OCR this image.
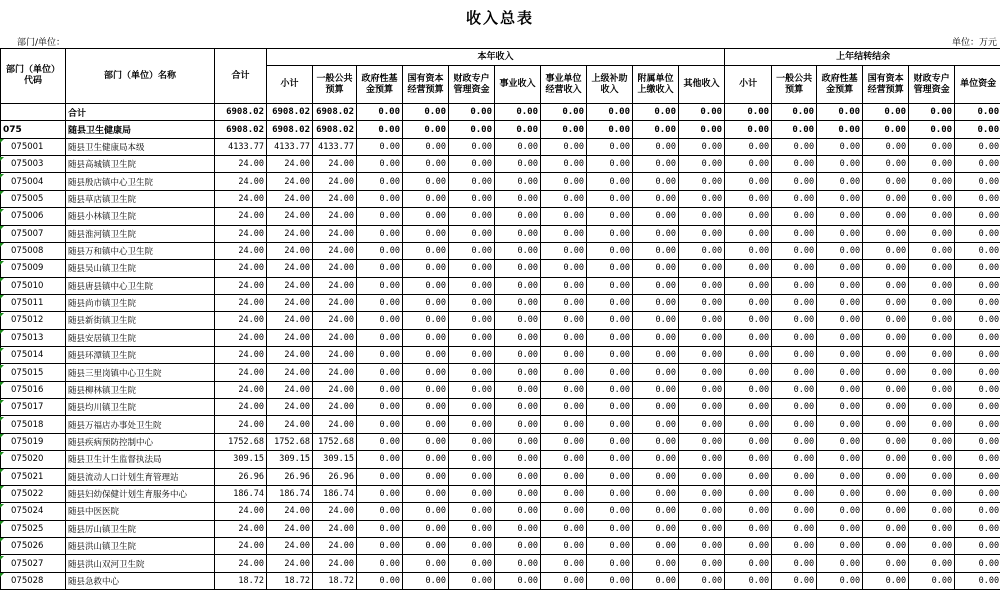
收入总表
部门/单位：	单位：万元
部门（单位）代码	部门（单位）名称	合计	本年收入										上年结转结余					
			小计	一般公共预算	政府性基金预算	国有资本经营预算	财政专户管理资金	事业收入	事业单位经营收入	上级补助收入	附属单位上缴收入	其他收入	小计	一般公共预算	政府性基金预算	国有资本经营预算	财政专户管理资金	单位资金
	合计	6908.02	6908.02	6908.02	0.00	0.00	0.00	0.00	0.00	0.00	0.00	0.00	0.00	0.00	0.00	0.00	0.00	0.00
075	随县卫生健康局	6908.02	6908.02	6908.02	0.00	0.00	0.00	0.00	0.00	0.00	0.00	0.00	0.00	0.00	0.00	0.00	0.00	0.00
075001	随县卫生健康局本级	4133.77	4133.77	4133.77	0.00	0.00	0.00	0.00	0.00	0.00	0.00	0.00	0.00	0.00	0.00	0.00	0.00	0.00
075003	随县高城镇卫生院	24.00	24.00	24.00	0.00	0.00	0.00	0.00	0.00	0.00	0.00	0.00	0.00	0.00	0.00	0.00	0.00	0.00
075004	随县殷店镇中心卫生院	24.00	24.00	24.00	0.00	0.00	0.00	0.00	0.00	0.00	0.00	0.00	0.00	0.00	0.00	0.00	0.00	0.00
075005	随县草店镇卫生院	24.00	24.00	24.00	0.00	0.00	0.00	0.00	0.00	0.00	0.00	0.00	0.00	0.00	0.00	0.00	0.00	0.00
075006	随县小林镇卫生院	24.00	24.00	24.00	0.00	0.00	0.00	0.00	0.00	0.00	0.00	0.00	0.00	0.00	0.00	0.00	0.00	0.00
075007	随县淮河镇卫生院	24.00	24.00	24.00	0.00	0.00	0.00	0.00	0.00	0.00	0.00	0.00	0.00	0.00	0.00	0.00	0.00	0.00
075008	随县万和镇中心卫生院	24.00	24.00	24.00	0.00	0.00	0.00	0.00	0.00	0.00	0.00	0.00	0.00	0.00	0.00	0.00	0.00	0.00
075009	随县吴山镇卫生院	24.00	24.00	24.00	0.00	0.00	0.00	0.00	0.00	0.00	0.00	0.00	0.00	0.00	0.00	0.00	0.00	0.00
075010	随县唐县镇中心卫生院	24.00	24.00	24.00	0.00	0.00	0.00	0.00	0.00	0.00	0.00	0.00	0.00	0.00	0.00	0.00	0.00	0.00
075011	随县尚市镇卫生院	24.00	24.00	24.00	0.00	0.00	0.00	0.00	0.00	0.00	0.00	0.00	0.00	0.00	0.00	0.00	0.00	0.00
075012	随县新街镇卫生院	24.00	24.00	24.00	0.00	0.00	0.00	0.00	0.00	0.00	0.00	0.00	0.00	0.00	0.00	0.00	0.00	0.00
075013	随县安居镇卫生院	24.00	24.00	24.00	0.00	0.00	0.00	0.00	0.00	0.00	0.00	0.00	0.00	0.00	0.00	0.00	0.00	0.00
075014	随县环潭镇卫生院	24.00	24.00	24.00	0.00	0.00	0.00	0.00	0.00	0.00	0.00	0.00	0.00	0.00	0.00	0.00	0.00	0.00
075015	随县三里岗镇中心卫生院	24.00	24.00	24.00	0.00	0.00	0.00	0.00	0.00	0.00	0.00	0.00	0.00	0.00	0.00	0.00	0.00	0.00
075016	随县柳林镇卫生院	24.00	24.00	24.00	0.00	0.00	0.00	0.00	0.00	0.00	0.00	0.00	0.00	0.00	0.00	0.00	0.00	0.00
075017	随县均川镇卫生院	24.00	24.00	24.00	0.00	0.00	0.00	0.00	0.00	0.00	0.00	0.00	0.00	0.00	0.00	0.00	0.00	0.00
075018	随县万福店办事处卫生院	24.00	24.00	24.00	0.00	0.00	0.00	0.00	0.00	0.00	0.00	0.00	0.00	0.00	0.00	0.00	0.00	0.00
075019	随县疾病预防控制中心	1752.68	1752.68	1752.68	0.00	0.00	0.00	0.00	0.00	0.00	0.00	0.00	0.00	0.00	0.00	0.00	0.00	0.00
075020	随县卫生计生监督执法局	309.15	309.15	309.15	0.00	0.00	0.00	0.00	0.00	0.00	0.00	0.00	0.00	0.00	0.00	0.00	0.00	0.00
075021	随县流动人口计划生育管理站	26.96	26.96	26.96	0.00	0.00	0.00	0.00	0.00	0.00	0.00	0.00	0.00	0.00	0.00	0.00	0.00	0.00
075022	随县妇幼保健计划生育服务中心	186.74	186.74	186.74	0.00	0.00	0.00	0.00	0.00	0.00	0.00	0.00	0.00	0.00	0.00	0.00	0.00	0.00
075024	随县中医医院	24.00	24.00	24.00	0.00	0.00	0.00	0.00	0.00	0.00	0.00	0.00	0.00	0.00	0.00	0.00	0.00	0.00
075025	随县厉山镇卫生院	24.00	24.00	24.00	0.00	0.00	0.00	0.00	0.00	0.00	0.00	0.00	0.00	0.00	0.00	0.00	0.00	0.00
075026	随县洪山镇卫生院	24.00	24.00	24.00	0.00	0.00	0.00	0.00	0.00	0.00	0.00	0.00	0.00	0.00	0.00	0.00	0.00	0.00
075027	随县洪山双河卫生院	24.00	24.00	24.00	0.00	0.00	0.00	0.00	0.00	0.00	0.00	0.00	0.00	0.00	0.00	0.00	0.00	0.00
075028	随县急救中心	18.72	18.72	18.72	0.00	0.00	0.00	0.00	0.00	0.00	0.00	0.00	0.00	0.00	0.00	0.00	0.00	0.00
